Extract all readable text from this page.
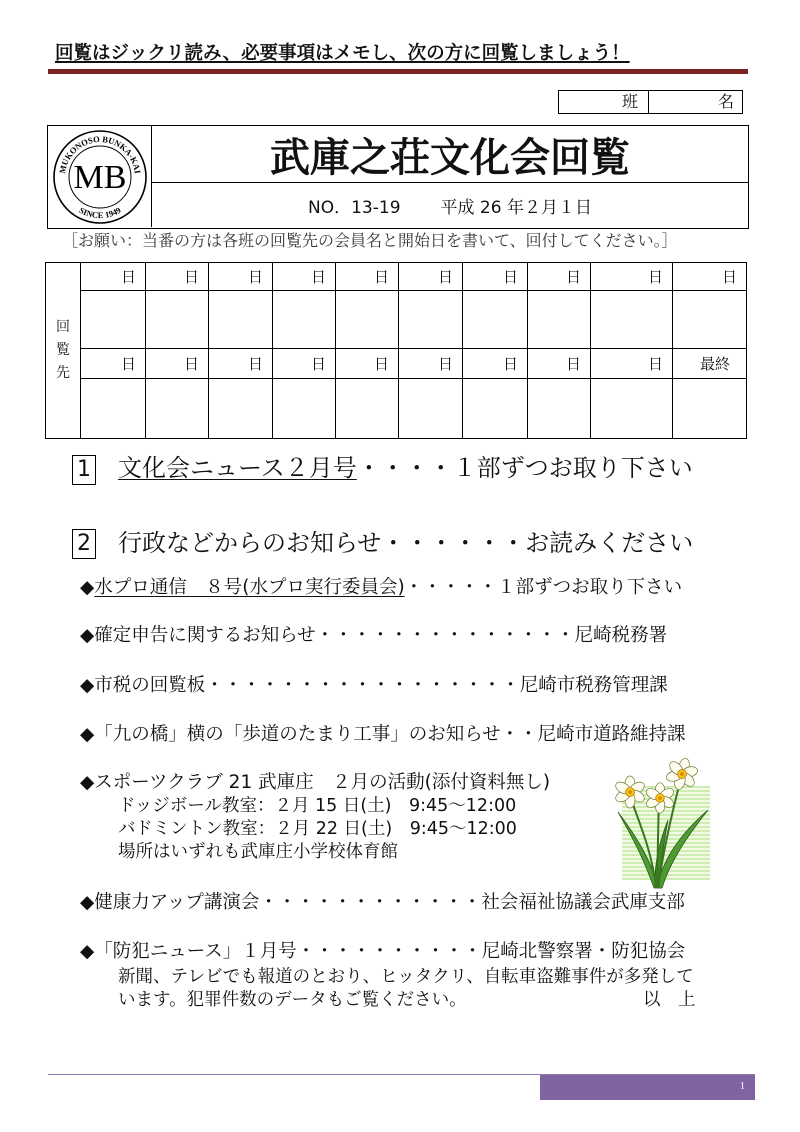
回覧はジックリ読み、必要事項はメモし、次の方に回覧しましょう！
班	名
MUKONOSO BUNKA-KAI
SINCE 1949
MB	武庫之荘文化会回覧
NO．13-19 平成 26 年２月１日
［お願い：当番の方は各班の回覧先の会員名と開始日を書いて、回付してください。］
回覧先	日	日	日	日	日	日	日	日	日	日

	日	日	日	日	日	日	日	日	日	最終

1 文化会ニュース２月号・・・・１部ずつお取り下さい
2 行政などからのお知らせ・・・・・・お読みください
◆水プロ通信　８号(水プロ実行委員会)・・・・・１部ずつお取り下さい
◆確定申告に関するお知らせ・・・・・・・・・・・・・・尼崎税務署
◆市税の回覧板・・・・・・・・・・・・・・・・・尼崎市税務管理課
◆「九の橋」横の「歩道のたまり工事」のお知らせ・・尼崎市道路維持課
◆スポーツクラブ 21 武庫庄　２月の活動(添付資料無し)
ドッジボール教室：２月 15 日(土)　9:45～12:00
バドミントン教室：２月 22 日(土)　9:45～12:00
場所はいずれも武庫庄小学校体育館
◆健康力アップ講演会・・・・・・・・・・・・社会福祉協議会武庫支部
◆「防犯ニュース」１月号・・・・・・・・・・尼崎北警察署・防犯協会
新聞、テレビでも報道のとおり、ヒッタクリ、自転車盗難事件が多発して
います。犯罪件数のデータもご覧ください。	以　上
1
